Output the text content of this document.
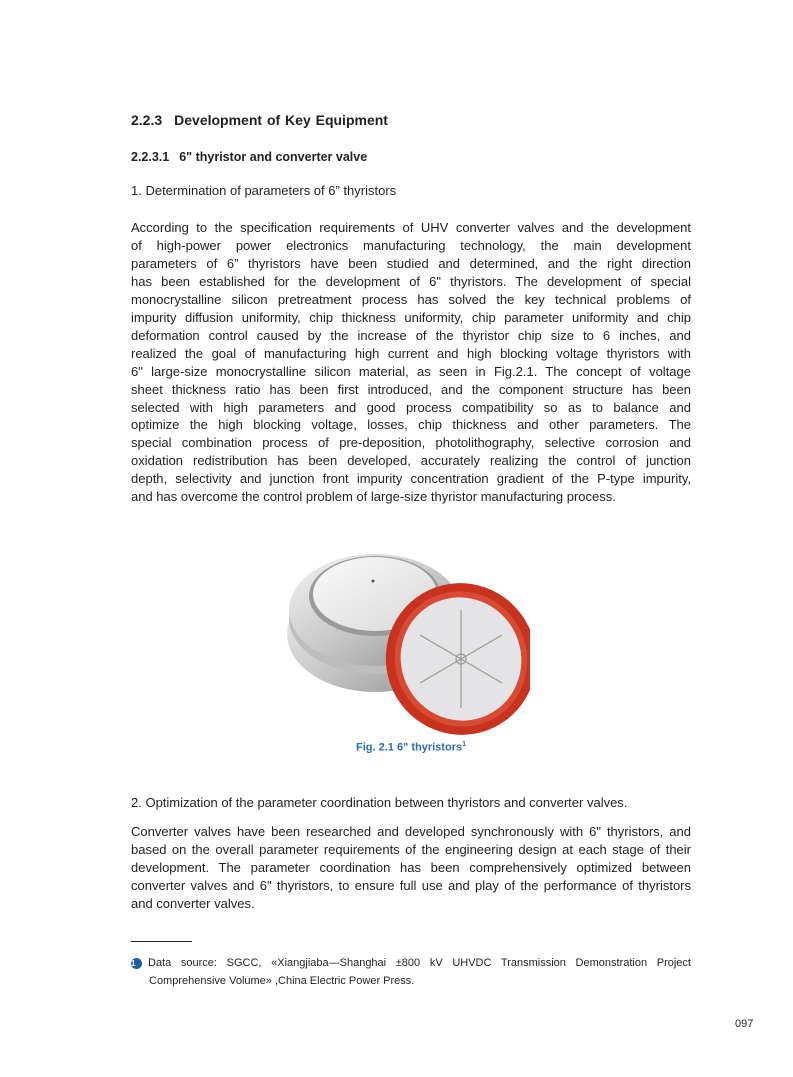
2.2.3 Development of Key Equipment
2.2.3.1 6" thyristor and converter valve
1. Determination of parameters of 6” thyristors
According to the specification requirements of UHV converter valves and the development
of high-power power electronics manufacturing technology, the main development
parameters of 6” thyristors have been studied and determined, and the right direction
has been established for the development of 6" thyristors. The development of special
monocrystalline silicon pretreatment process has solved the key technical problems of
impurity diffusion uniformity, chip thickness uniformity, chip parameter uniformity and chip
deformation control caused by the increase of the thyristor chip size to 6 inches, and
realized the goal of manufacturing high current and high blocking voltage thyristors with
6" large-size monocrystalline silicon material, as seen in Fig.2.1. The concept of voltage
sheet thickness ratio has been first introduced, and the component structure has been
selected with high parameters and good process compatibility so as to balance and
optimize the high blocking voltage, losses, chip thickness and other parameters. The
special combination process of pre-deposition, photolithography, selective corrosion and
oxidation redistribution has been developed, accurately realizing the control of junction
depth, selectivity and junction front impurity concentration gradient of the P-type impurity,
and has overcome the control problem of large-size thyristor manufacturing process.
Fig. 2.1 6" thyristors$^1$
2. Optimization of the parameter coordination between thyristors and converter valves.
Converter valves have been researched and developed synchronously with 6" thyristors, and
based on the overall parameter requirements of the engineering design at each stage of their
development. The parameter coordination has been comprehensively optimized between
converter valves and 6" thyristors, to ensure full use and play of the performance of thyristors
and converter valves.
1 Data source: SGCC, «Xiangjiaba—Shanghai ±800 kV UHVDC Transmission Demonstration Project
Comprehensive Volume» ,China Electric Power Press.
097
